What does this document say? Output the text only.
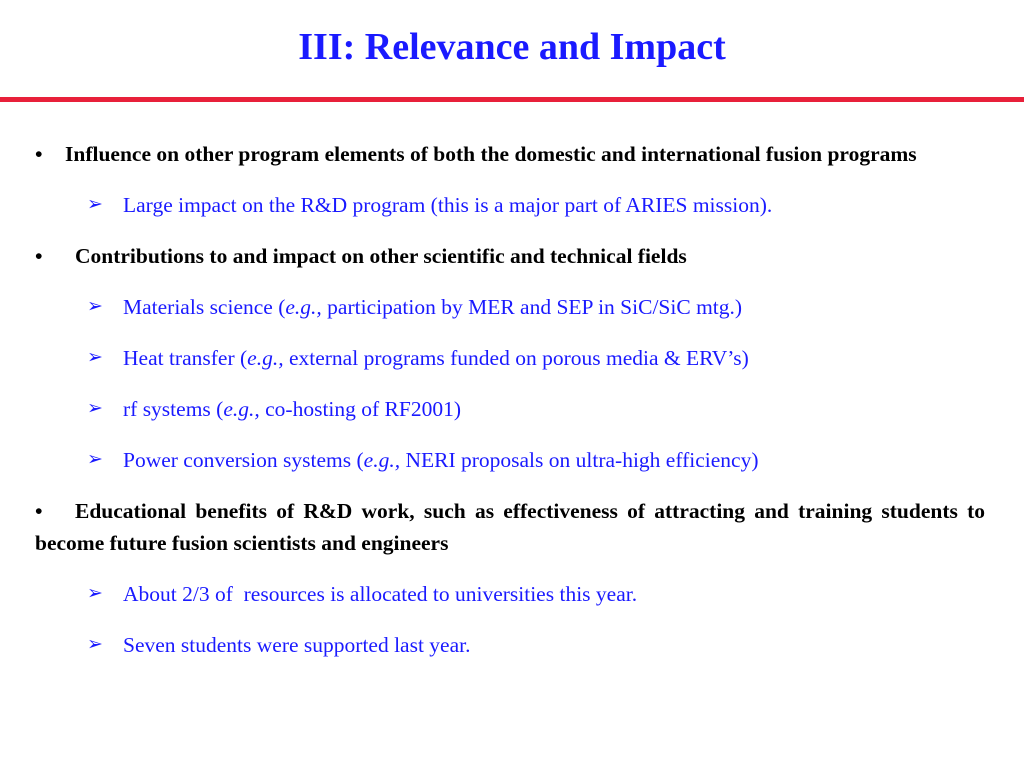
III: Relevance and Impact
• Influence on other program elements of both the domestic and international fusion programs
➢ Large impact on the R&D program (this is a major part of ARIES mission).
• Contributions to and impact on other scientific and technical fields
➢ Materials science (e.g., participation by MER and SEP in SiC/SiC mtg.)
➢ Heat transfer (e.g., external programs funded on porous media & ERV’s)
➢ rf systems (e.g., co-hosting of RF2001)
➢ Power conversion systems (e.g., NERI proposals on ultra-high efficiency)
• Educational benefits of R&D work, such as effectiveness of attracting and training students to become future fusion scientists and engineers
➢ About 2/3 of  resources is allocated to universities this year.
➢ Seven students were supported last year.
